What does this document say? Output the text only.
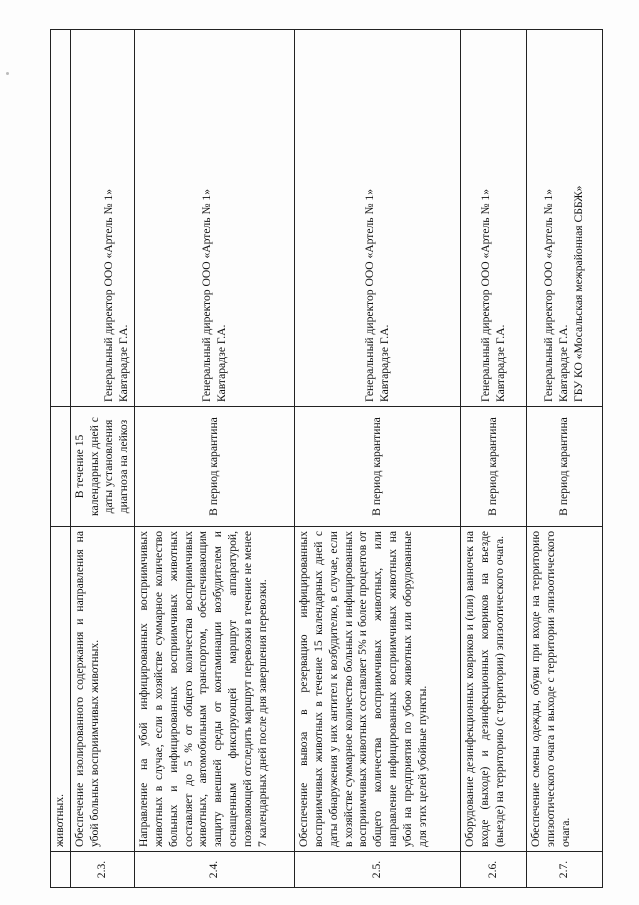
	животных.		
2.3.	Обеспечение изолированного содержания и направления на убой больных восприимчивых животных.	В течение 15 календарных дней с даты установления диагноза на лейкоз	Генеральный директор ООО «Артель № 1» Кавтарадзе Г.А.

2.4.	Направление на убой инфицированных восприимчивых животных в случае, если в хозяйстве суммарное количество больных и инфицированных восприимчивых животных составляет до 5 % от общего количества восприимчивых животных, автомобильным транспортом, обеспечивающим защиту внешней среды от контаминации возбудителем и оснащенным фиксирующей маршрут аппаратурой, позволяющей отследить маршрут перевозки в течение не менее 7 календарных дней после дня завершения перевозки.	В период карантина	Генеральный директор ООО «Артель № 1» Кавтарадзе Г.А.

2.5.	Обеспечение вывоза в резервацию инфицированных восприимчивых животных в течение 15 календарных дней с даты обнаружения у них антител к возбудителю, в случае, если в хозяйстве суммарное количество больных и инфицированных восприимчивых животных составляет 5% и более процентов от общего количества восприимчивых животных, или направление инфицированных восприимчивых животных на убой на предприятия по убою животных или оборудованные для этих целей убойные пункты.	В период карантина	Генеральный директор ООО «Артель № 1» Кавтарадзе Г.А.

2.6.	Оборудование дезинфекционных ковриков и (или) ванночек на входе (выходе) и дезинфекционных ковриков на въезде (выезде) на территорию (с территории) эпизоотического очага.	В период карантина	Генеральный директор ООО «Артель № 1» Кавтарадзе Г.А.

2.7.	Обеспечение смены одежды, обуви при входе на территорию эпизоотического очага и выходе с территории эпизоотического очага.	В период карантина	Генеральный директор ООО «Артель № 1» Кавтарадзе Г.А. ГБУ КО «Мосальская межрайонная СББЖ»
